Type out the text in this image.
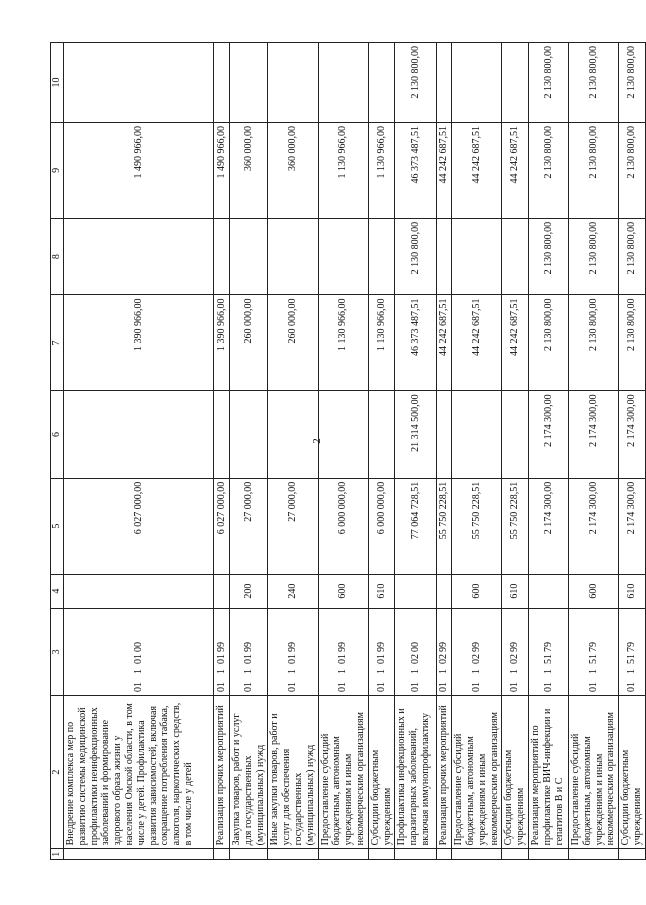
2
1	2	3	4	5	6	7	8	9	10
	Внедрение комплекса мер по развитию системы медицинской профилактики неинфекционных заболеваний и формирование здорового образа жизни у населения Омской области, в том числе у детей. Профилактика развития зависимостей, включая сокращение потребления табака, алкоголя, наркотических средств, в том числе у детей	0110100		6 027 000,00		1 390 966,00		1 490 966,00	
	Реализация прочих мероприятий	0110199		6 027 000,00		1 390 966,00		1 490 966,00	
	Закупка товаров, работ и услуг для государственных (муниципальных) нужд	0110199	200	27 000,00		260 000,00		360 000,00	
	Иные закупки товаров, работ и услуг для обеспечения государственных (муниципальных) нужд	0110199	240	27 000,00		260 000,00		360 000,00	
	Предоставление субсидий бюджетным, автономным учреждениям и иным некоммерческим организациям	0110199	600	6 000 000,00		1 130 966,00		1 130 966,00	
	Субсидии бюджетным учреждениям	0110199	610	6 000 000,00		1 130 966,00		1 130 966,00	
	Профилактика инфекционных и паразитарных заболеваний, включая иммунопрофилактику	0110200		77 064 728,51	21 314 500,00	46 373 487,51	2 130 800,00	46 373 487,51	2 130 800,00
	Реализация прочих мероприятий	0110299		55 750 228,51		44 242 687,51		44 242 687,51	
	Предоставление субсидий бюджетным, автономным учреждениям и иным некоммерческим организациям	0110299	600	55 750 228,51		44 242 687,51		44 242 687,51	
	Субсидии бюджетным учреждениям	0110299	610	55 750 228,51		44 242 687,51		44 242 687,51	
	Реализация мероприятий по профилактике ВИЧ-инфекции и гепатитов В и С	0115179		2 174 300,00	2 174 300,00	2 130 800,00	2 130 800,00	2 130 800,00	2 130 800,00
	Предоставление субсидий бюджетным, автономным учреждениям и иным некоммерческим организациям	0115179	600	2 174 300,00	2 174 300,00	2 130 800,00	2 130 800,00	2 130 800,00	2 130 800,00
	Субсидии бюджетным учреждениям	0115179	610	2 174 300,00	2 174 300,00	2 130 800,00	2 130 800,00	2 130 800,00	2 130 800,00
